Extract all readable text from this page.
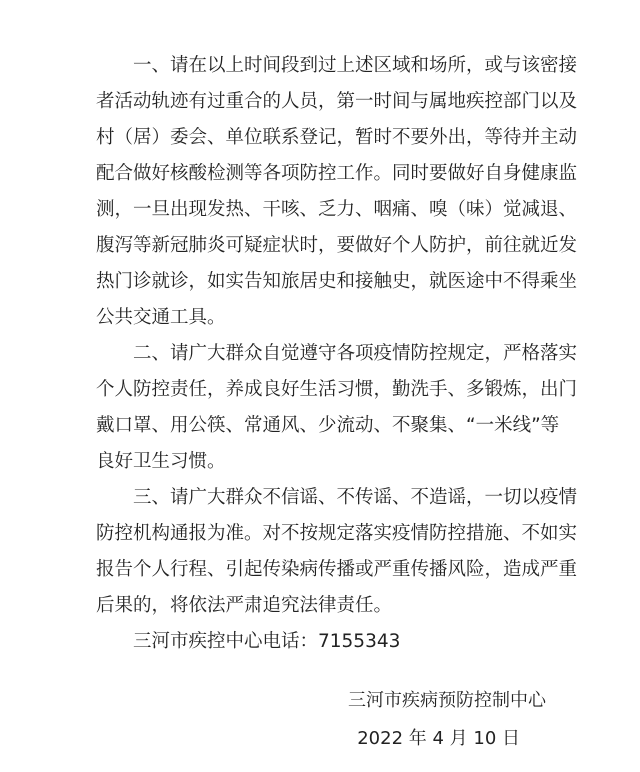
　　一、请在以上时间段到过上述区域和场所，或与该密接
者活动轨迹有过重合的人员，第一时间与属地疾控部门以及
村（居）委会、单位联系登记，暂时不要外出，等待并主动
配合做好核酸检测等各项防控工作。同时要做好自身健康监
测，一旦出现发热、干咳、乏力、咽痛、嗅（味）觉减退、
腹泻等新冠肺炎可疑症状时，要做好个人防护，前往就近发
热门诊就诊，如实告知旅居史和接触史，就医途中不得乘坐
公共交通工具。
　　二、请广大群众自觉遵守各项疫情防控规定，严格落实
个人防控责任，养成良好生活习惯，勤洗手、多锻炼，出门
戴口罩、用公筷、常通风、少流动、不聚集、“一米线”等
良好卫生习惯。
　　三、请广大群众不信谣、不传谣、不造谣，一切以疫情
防控机构通报为准。对不按规定落实疫情防控措施、不如实
报告个人行程、引起传染病传播或严重传播风险，造成严重
后果的，将依法严肃追究法律责任。
　　三河市疾控中心电话：7155343
三河市疾病预防控制中心
2022 年 4 月 10 日
